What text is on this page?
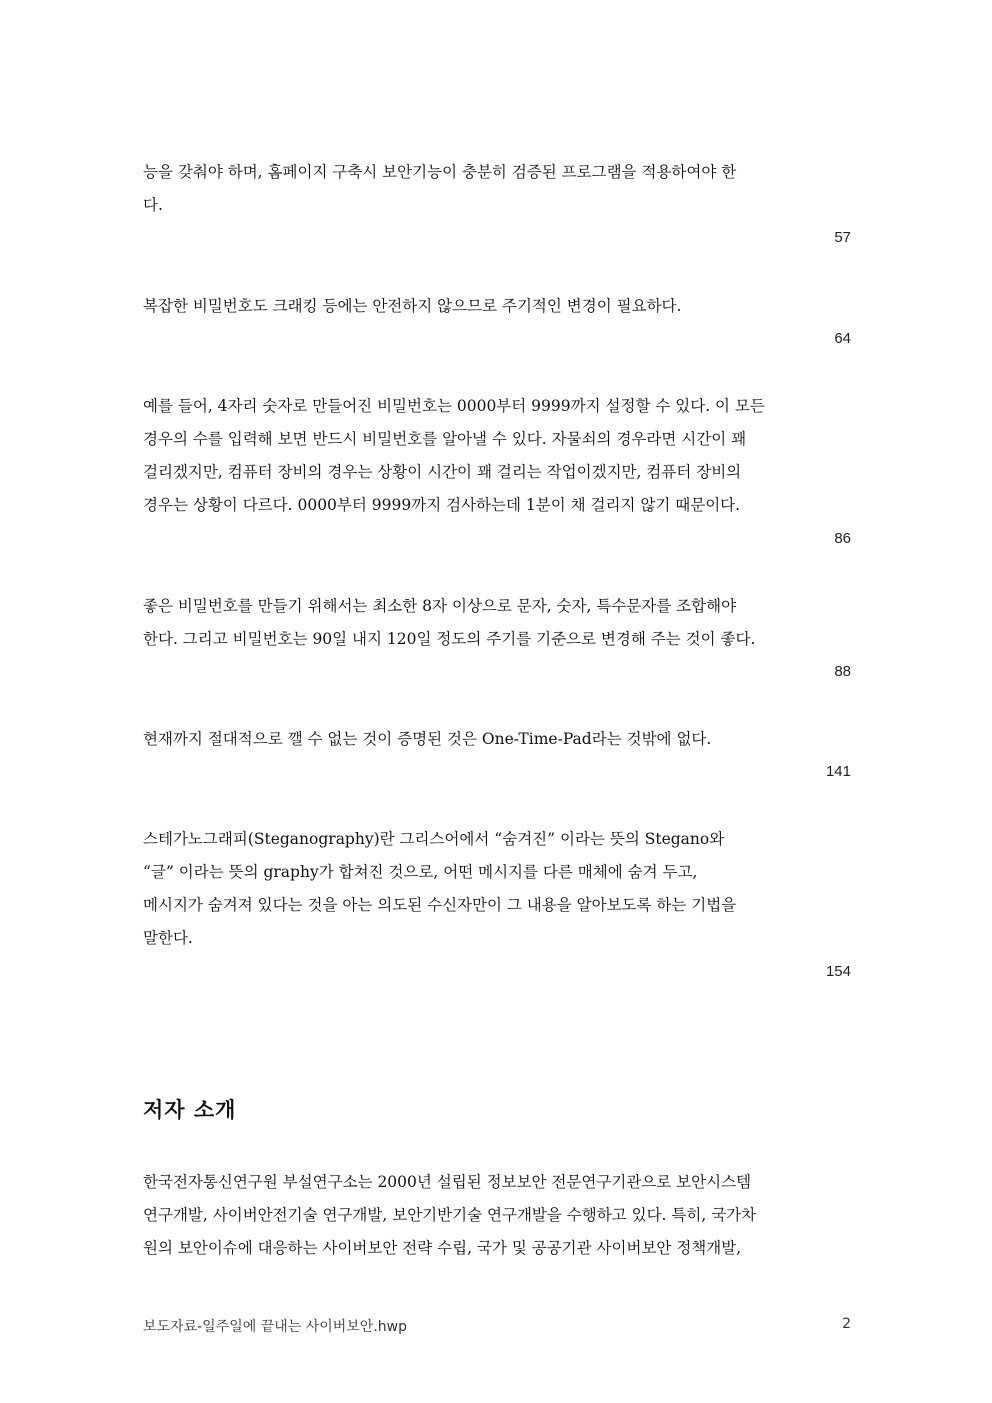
능을 갖춰야 하며, 홈페이지 구축시 보안기능이 충분히 검증된 프로그램을 적용하여야 한
다.
57
복잡한 비밀번호도 크래킹 등에는 안전하지 않으므로 주기적인 변경이 필요하다.
64
예를 들어, 4자리 숫자로 만들어진 비밀번호는 0000부터 9999까지 설정할 수 있다. 이 모든
경우의 수를 입력해 보면 반드시 비밀번호를 알아낼 수 있다. 자물쇠의 경우라면 시간이 꽤
걸리겠지만, 컴퓨터 장비의 경우는 상황이 시간이 꽤 걸리는 작업이겠지만, 컴퓨터 장비의
경우는 상황이 다르다. 0000부터 9999까지 검사하는데 1분이 채 걸리지 않기 때문이다.
86
좋은 비밀번호를 만들기 위해서는 최소한 8자 이상으로 문자, 숫자, 특수문자를 조합해야
한다. 그리고 비밀번호는 90일 내지 120일 정도의 주기를 기준으로 변경해 주는 것이 좋다.
88
현재까지 절대적으로 깰 수 없는 것이 증명된 것은 One-Time-Pad라는 것밖에 없다.
141
스테가노그래피(Steganography)란 그리스어에서 “숨겨진” 이라는 뜻의 Stegano와
“글” 이라는 뜻의 graphy가 합쳐진 것으로, 어떤 메시지를 다른 매체에 숨겨 두고,
메시지가 숨겨져 있다는 것을 아는 의도된 수신자만이 그 내용을 알아보도록 하는 기법을
말한다.
154
저자 소개
한국전자통신연구원 부설연구소는 2000년 설립된 정보보안 전문연구기관으로 보안시스템
연구개발, 사이버안전기술 연구개발, 보안기반기술 연구개발을 수행하고 있다. 특히, 국가차
원의 보안이슈에 대응하는 사이버보안 전략 수립, 국가 및 공공기관 사이버보안 정책개발,
보도자료-일주일에 끝내는 사이버보안.hwp	2
